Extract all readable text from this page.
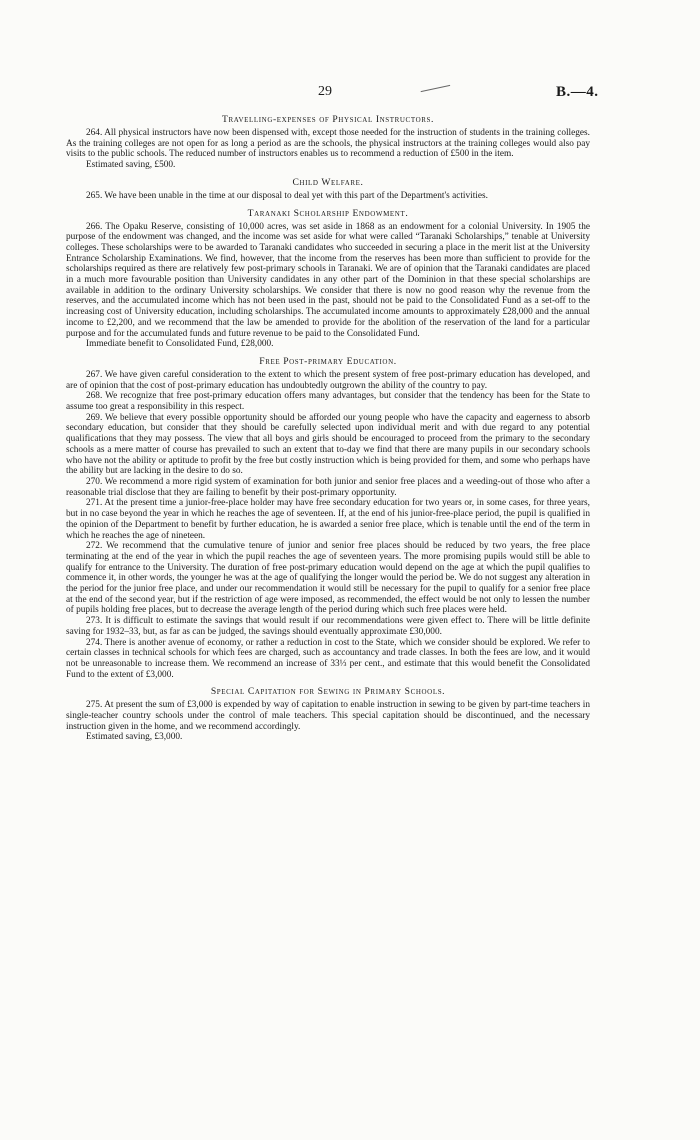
29	B.—4.
Travelling-expenses of Physical Instructors.

264. All physical instructors have now been dispensed with, except those needed for the instruction of students in the training colleges. As the training colleges are not open for as long a period as are the schools, the physical instructors at the training colleges would also pay visits to the public schools. The reduced number of instructors enables us to recommend a reduction of £500 in the item.

Estimated saving, £500.

Child Welfare.

265. We have been unable in the time at our disposal to deal yet with this part of the Department's activities.

Taranaki Scholarship Endowment.

266. The Opaku Reserve, consisting of 10,000 acres, was set aside in 1868 as an endowment for a colonial University. In 1905 the purpose of the endowment was changed, and the income was set aside for what were called “Taranaki Scholarships,” tenable at University colleges. These scholarships were to be awarded to Taranaki candidates who succeeded in securing a place in the merit list at the University Entrance Scholarship Examinations. We find, however, that the income from the reserves has been more than sufficient to provide for the scholarships required as there are relatively few post-primary schools in Taranaki. We are of opinion that the Taranaki candidates are placed in a much more favourable position than University candidates in any other part of the Dominion in that these special scholarships are available in addition to the ordinary University scholarships. We consider that there is now no good reason why the revenue from the reserves, and the accumulated income which has not been used in the past, should not be paid to the Consolidated Fund as a set-off to the increasing cost of University education, including scholarships. The accumulated income amounts to approximately £28,000 and the annual income to £2,200, and we recommend that the law be amended to provide for the abolition of the reservation of the land for a particular purpose and for the accumulated funds and future revenue to be paid to the Consolidated Fund.

Immediate benefit to Consolidated Fund, £28,000.

Free Post-primary Education.

267. We have given careful consideration to the extent to which the present system of free post-primary education has developed, and are of opinion that the cost of post-primary education has undoubtedly outgrown the ability of the country to pay.

268. We recognize that free post-primary education offers many advantages, but consider that the tendency has been for the State to assume too great a responsibility in this respect.

269. We believe that every possible opportunity should be afforded our young people who have the capacity and eagerness to absorb secondary education, but consider that they should be carefully selected upon individual merit and with due regard to any potential qualifications that they may possess. The view that all boys and girls should be encouraged to proceed from the primary to the secondary schools as a mere matter of course has prevailed to such an extent that to-day we find that there are many pupils in our secondary schools who have not the ability or aptitude to profit by the free but costly instruction which is being provided for them, and some who perhaps have the ability but are lacking in the desire to do so.

270. We recommend a more rigid system of examination for both junior and senior free places and a weeding-out of those who after a reasonable trial disclose that they are failing to benefit by their post-primary opportunity.

271. At the present time a junior-free-place holder may have free secondary education for two years or, in some cases, for three years, but in no case beyond the year in which he reaches the age of seventeen. If, at the end of his junior-free-place period, the pupil is qualified in the opinion of the Department to benefit by further education, he is awarded a senior free place, which is tenable until the end of the term in which he reaches the age of nineteen.

272. We recommend that the cumulative tenure of junior and senior free places should be reduced by two years, the free place terminating at the end of the year in which the pupil reaches the age of seventeen years. The more promising pupils would still be able to qualify for entrance to the University. The duration of free post-primary education would depend on the age at which the pupil qualifies to commence it, in other words, the younger he was at the age of qualifying the longer would the period be. We do not suggest any alteration in the period for the junior free place, and under our recommendation it would still be necessary for the pupil to qualify for a senior free place at the end of the second year, but if the restriction of age were imposed, as recommended, the effect would be not only to lessen the number of pupils holding free places, but to decrease the average length of the period during which such free places were held.

273. It is difficult to estimate the savings that would result if our recommendations were given effect to. There will be little definite saving for 1932–33, but, as far as can be judged, the savings should eventually approximate £30,000.

274. There is another avenue of economy, or rather a reduction in cost to the State, which we consider should be explored. We refer to certain classes in technical schools for which fees are charged, such as accountancy and trade classes. In both the fees are low, and it would not be unreasonable to increase them. We recommend an increase of 33⅓ per cent., and estimate that this would benefit the Consolidated Fund to the extent of £3,000.

Special Capitation for Sewing in Primary Schools.

275. At present the sum of £3,000 is expended by way of capitation to enable instruction in sewing to be given by part-time teachers in single-teacher country schools under the control of male teachers. This special capitation should be discontinued, and the necessary instruction given in the home, and we recommend accordingly.

Estimated saving, £3,000.
